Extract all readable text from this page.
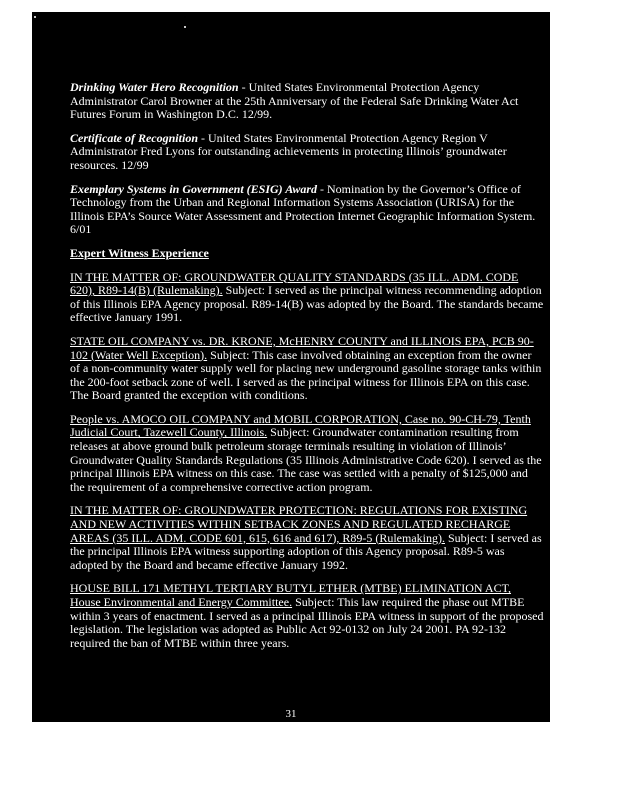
Drinking Water Hero Recognition - United States Environmental Protection Agency Administrator Carol Browner at the 25th Anniversary of the Federal Safe Drinking Water Act Futures Forum in Washington D.C. 12/99.

Certificate of Recognition - United States Environmental Protection Agency Region V Administrator Fred Lyons for outstanding achievements in protecting Illinois’ groundwater resources. 12/99

Exemplary Systems in Government (ESIG) Award - Nomination by the Governor’s Office of Technology from the Urban and Regional Information Systems Association (URISA) for the Illinois EPA’s Source Water Assessment and Protection Internet Geographic Information System. 6/01

Expert Witness Experience

IN THE MATTER OF: GROUNDWATER QUALITY STANDARDS (35 ILL. ADM. CODE 620), R89-14(B) (Rulemaking). Subject: I served as the principal witness recommending adoption of this Illinois EPA Agency proposal. R89-14(B) was adopted by the Board. The standards became effective January 1991.

STATE OIL COMPANY vs. DR. KRONE, McHENRY COUNTY and ILLINOIS EPA, PCB 90-102 (Water Well Exception). Subject: This case involved obtaining an exception from the owner of a non-community water supply well for placing new underground gasoline storage tanks within the 200-foot setback zone of well. I served as the principal witness for Illinois EPA on this case. The Board granted the exception with conditions.

People vs. AMOCO OIL COMPANY and MOBIL CORPORATION, Case no. 90-CH-79, Tenth Judicial Court, Tazewell County, Illinois. Subject: Groundwater contamination resulting from releases at above ground bulk petroleum storage terminals resulting in violation of Illinois’ Groundwater Quality Standards Regulations (35 Illinois Administrative Code 620). I served as the principal Illinois EPA witness on this case. The case was settled with a penalty of $125,000 and the requirement of a comprehensive corrective action program.

IN THE MATTER OF: GROUNDWATER PROTECTION: REGULATIONS FOR EXISTING AND NEW ACTIVITIES WITHIN SETBACK ZONES AND REGULATED RECHARGE AREAS (35 ILL. ADM. CODE 601, 615, 616 and 617), R89-5 (Rulemaking). Subject: I served as the principal Illinois EPA witness supporting adoption of this Agency proposal. R89-5 was adopted by the Board and became effective January 1992.

HOUSE BILL 171 METHYL TERTIARY BUTYL ETHER (MTBE) ELIMINATION ACT, House Environmental and Energy Committee. Subject: This law required the phase out MTBE within 3 years of enactment. I served as a principal Illinois EPA witness in support of the proposed legislation. The legislation was adopted as Public Act 92-0132 on July 24 2001. PA 92-132 required the ban of MTBE within three years.

31
